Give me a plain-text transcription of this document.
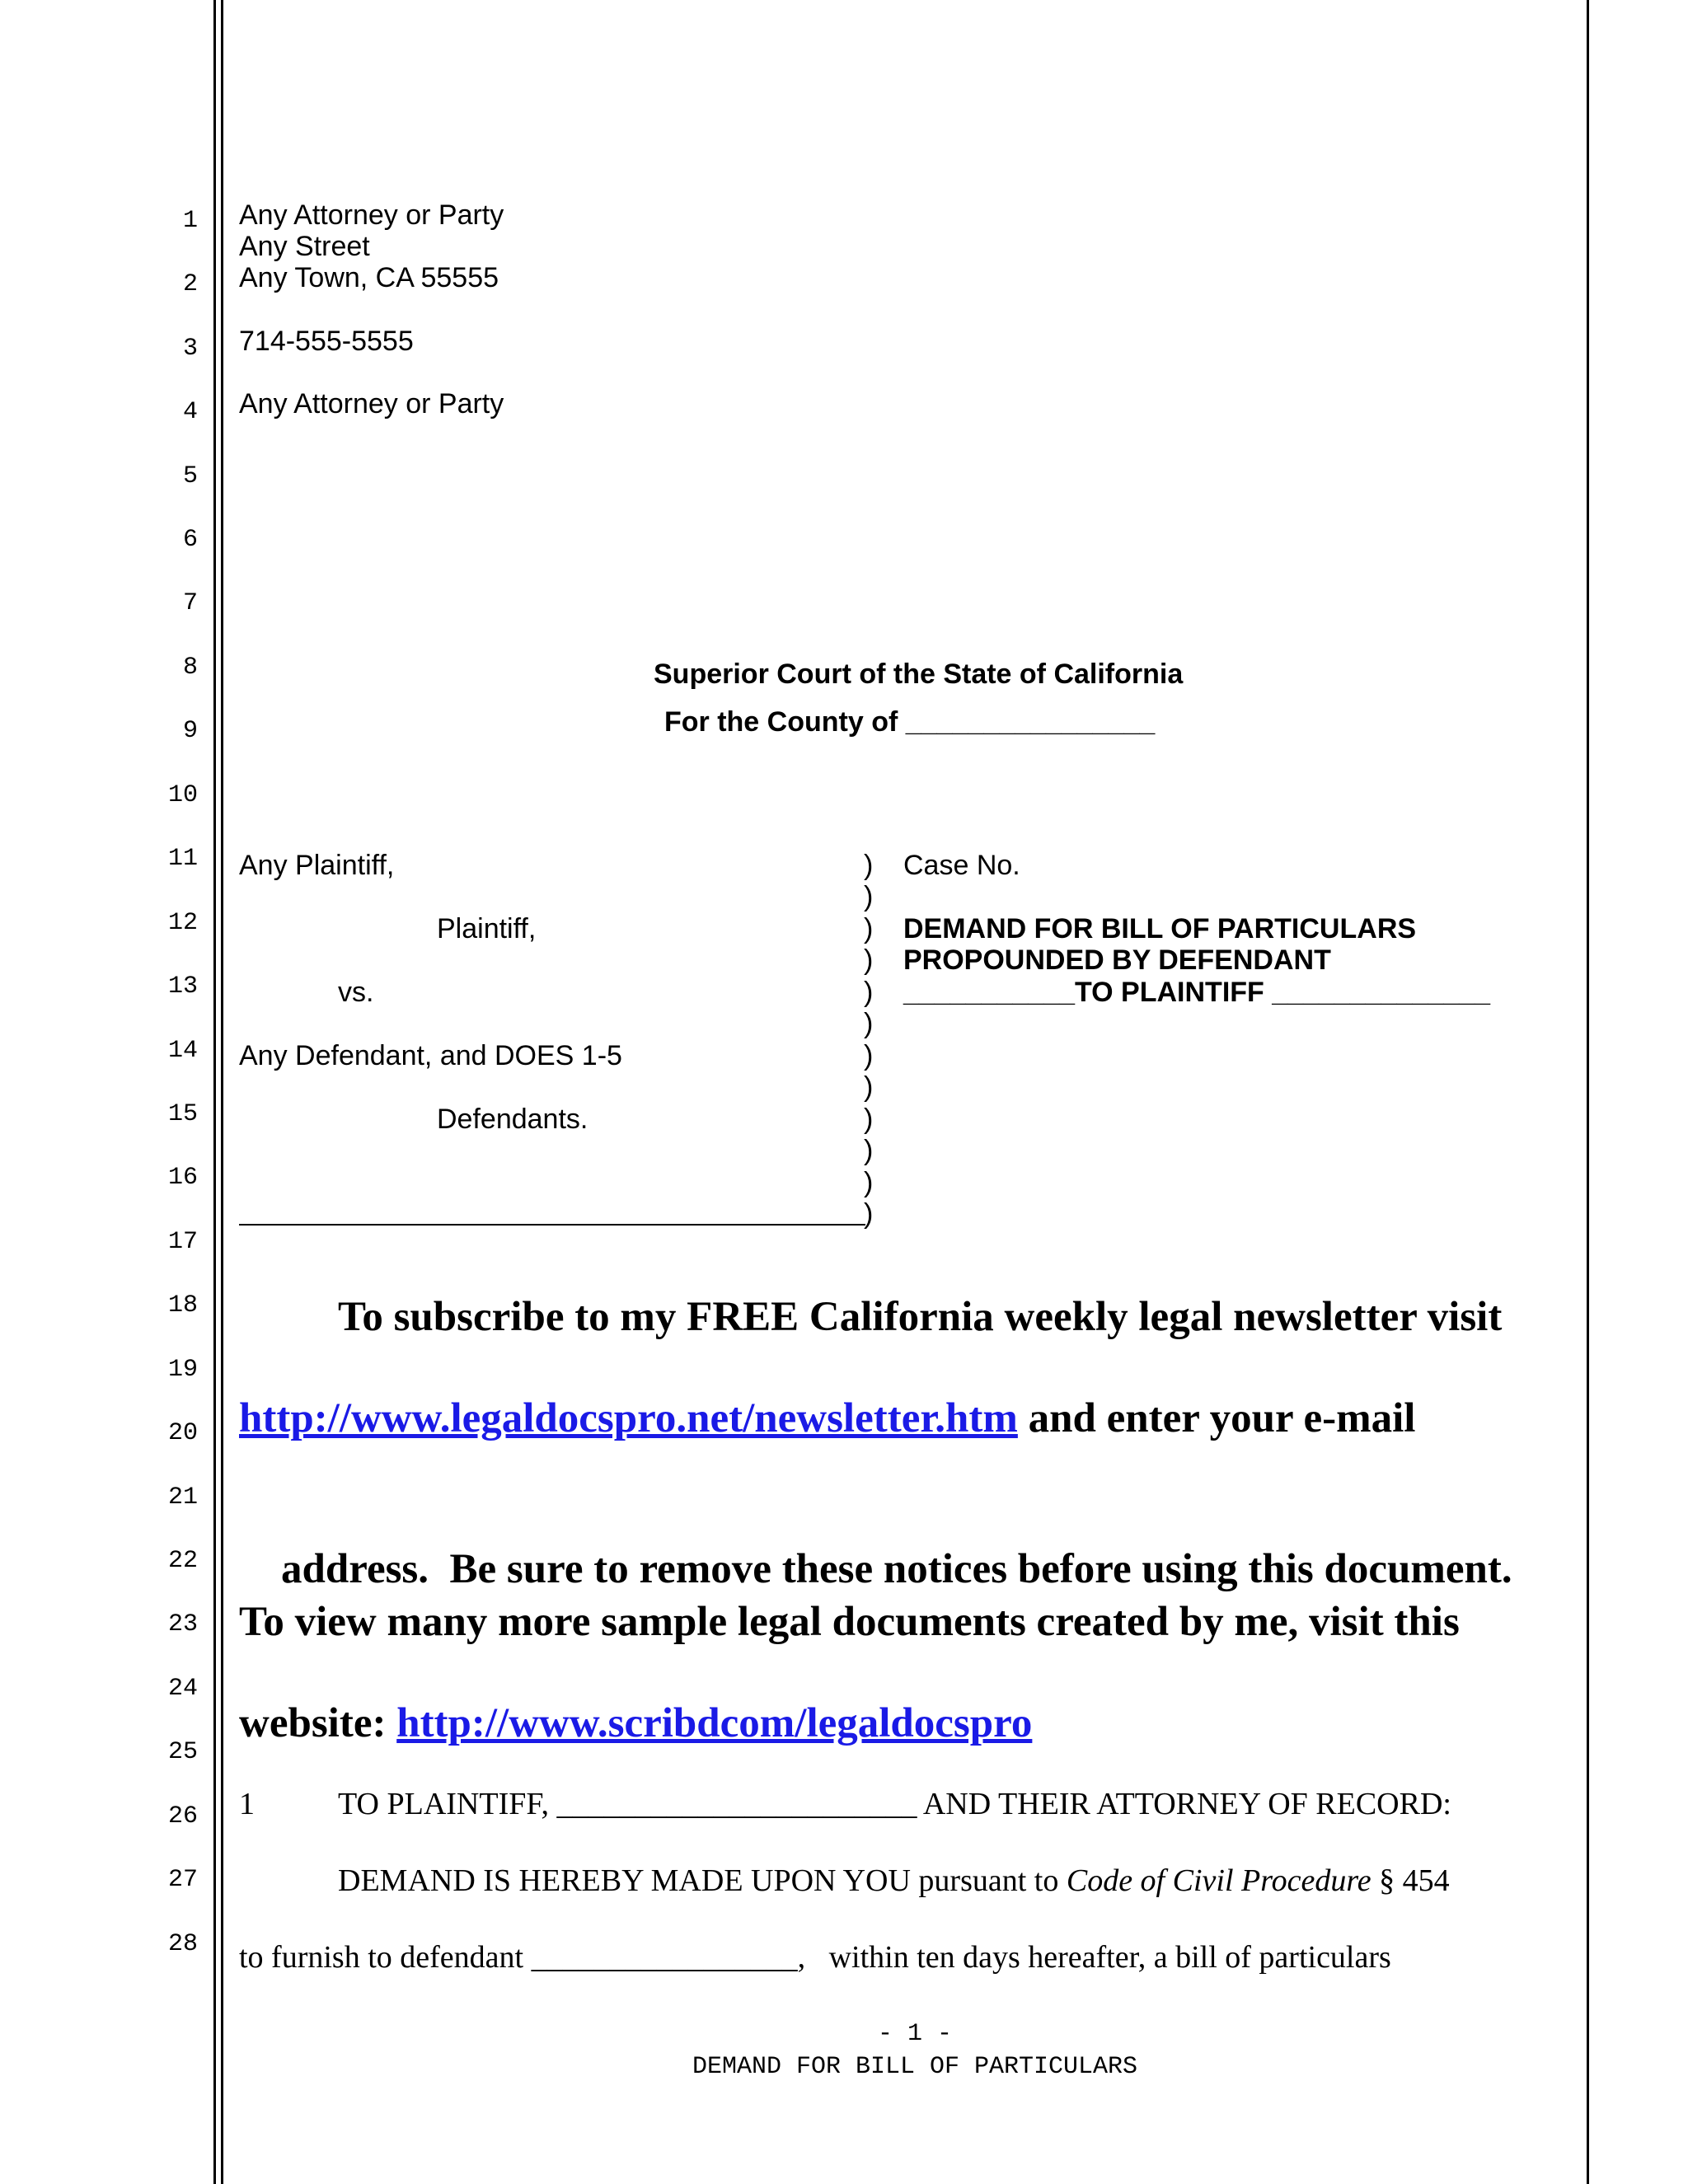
1
2
3
4
5
6
7
8
9
10
11
12
13
14
15
16
17
18
19
20
21
22
23
24
25
26
27
28
Any Attorney or Party
Any Street
Any Town, CA 55555
714-555-5555
Any Attorney or Party
Superior Court of the State of California
For the County of ________________
Any Plaintiff,
Plaintiff,
vs.
Any Defendant, and DOES 1-5
Defendants.
)
)
)
)
)
)
)
)
)
)
)
)
Case No.
DEMAND FOR BILL OF PARTICULARS
PROPOUNDED BY DEFENDANT
___________TO PLAINTIFF ______________
To subscribe to my FREE California weekly legal newsletter visit
http://www.legaldocspro.net/newsletter.htm and enter your e-mail

address.  Be sure to remove these notices before using this document.

To view many more sample legal documents created by me, visit this
website: http://www.scribdcom/legaldocspro
1	TO PLAINTIFF, _______________________ AND THEIR ATTORNEY OF RECORD:
DEMAND IS HEREBY MADE UPON YOU pursuant to Code of Civil Procedure § 454
to furnish to defendant _________________,   within ten days hereafter, a bill of particulars
- 1 -
DEMAND FOR BILL OF PARTICULARS
